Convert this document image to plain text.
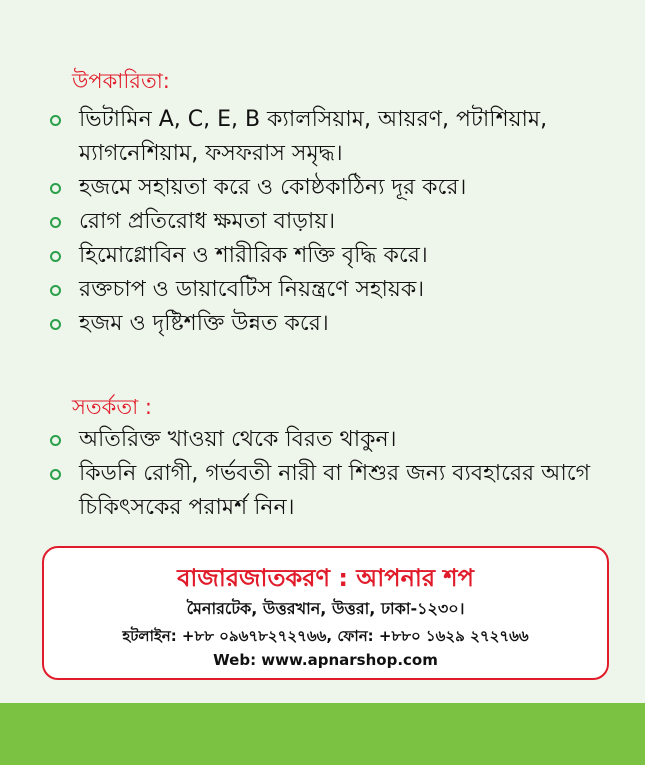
উপকারিতা:
ভিটামিন A, C, E, B ক্যালসিয়াম, আয়রণ, পটাশিয়াম,
ম্যাগনেশিয়াম, ফসফরাস সমৃদ্ধ।
হজমে সহায়তা করে ও কোষ্ঠকাঠিন্য দূর করে।
রোগ প্রতিরোধ ক্ষমতা বাড়ায়।
হিমোগ্লোবিন ও শারীরিক শক্তি বৃদ্ধি করে।
রক্তচাপ ও ডায়াবেটিস নিয়ন্ত্রণে সহায়ক।
হজম ও দৃষ্টিশক্তি উন্নত করে।
সতর্কতা :
অতিরিক্ত খাওয়া থেকে বিরত থাকুন।
কিডনি রোগী, গর্ভবতী নারী বা শিশুর জন্য ব্যবহারের আগে
চিকিৎসকের পরামর্শ নিন।
বাজারজাতকরণ : আপনার শপ
মৈনারটেক, উত্তরখান, উত্তরা, ঢাকা-১২৩০।
হটলাইন: +৮৮ ০৯৬৭৮২৭২৭৬৬, ফোন: +৮৮০ ১৬২৯ ২৭২৭৬৬
Web: www.apnarshop.com
